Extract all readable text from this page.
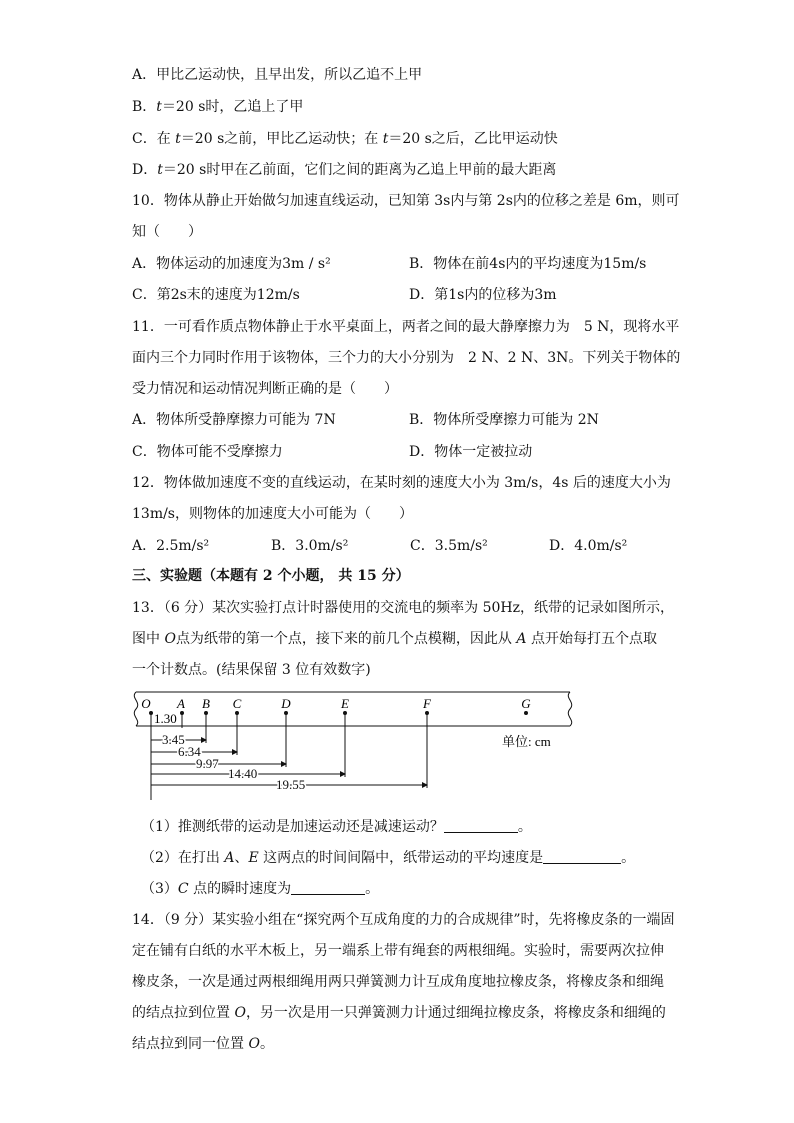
A．甲比乙运动快，且早出发，所以乙追不上甲
B．t＝20 s时，乙追上了甲
C．在 t＝20 s之前，甲比乙运动快；在 t＝20 s之后，乙比甲运动快
D．t＝20 s时甲在乙前面，它们之间的距离为乙追上甲前的最大距离
10．物体从静止开始做匀加速直线运动，已知第 3s内与第 2s内的位移之差是 6m，则可
知（　　）
A．物体运动的加速度为3m / s²	B．物体在前4s内的平均速度为15m/s
C．第2s末的速度为12m/s	D．第1s内的位移为3m
11．一可看作质点物体静止于水平桌面上，两者之间的最大静摩擦力为　5 N，现将水平
面内三个力同时作用于该物体，三个力的大小分别为　2 N、2 N、3N。下列关于物体的
受力情况和运动情况判断正确的是（　　）
A．物体所受静摩擦力可能为 7N	B．物体所受摩擦力可能为 2N
C．物体可能不受摩擦力	D．物体一定被拉动
12．物体做加速度不变的直线运动，在某时刻的速度大小为 3m/s，4s 后的速度大小为
13m/s，则物体的加速度大小可能为（　　）
A．2.5m/s²	B．3.0m/s²	C．3.5m/s²	D．4.0m/s²
三、实验题（本题有 2 个小题， 共 15 分）
13．（6 分）某次实验打点计时器使用的交流电的频率为 50Hz，纸带的记录如图所示，
图中 O点为纸带的第一个点，接下来的前几个点模糊，因此从 A 点开始每打五个点取
一个计数点。(结果保留 3 位有效数字)
O A B C	D	E	F	G
1.30
3.45
6.34
9.97
14.40
19.55
单位: cm
（1）推测纸带的运动是加速运动还是减速运动？	。
（2）在打出 A、E 这两点的时间间隔中，纸带运动的平均速度是	。
（3）C 点的瞬时速度为	。
14．（9 分）某实验小组在“探究两个互成角度的力的合成规律”时，先将橡皮条的一端固
定在铺有白纸的水平木板上，另一端系上带有绳套的两根细绳。实验时，需要两次拉伸
橡皮条，一次是通过两根细绳用两只弹簧测力计互成角度地拉橡皮条，将橡皮条和细绳
的结点拉到位置 O，另一次是用一只弹簧测力计通过细绳拉橡皮条，将橡皮条和细绳的
结点拉到同一位置 O。
